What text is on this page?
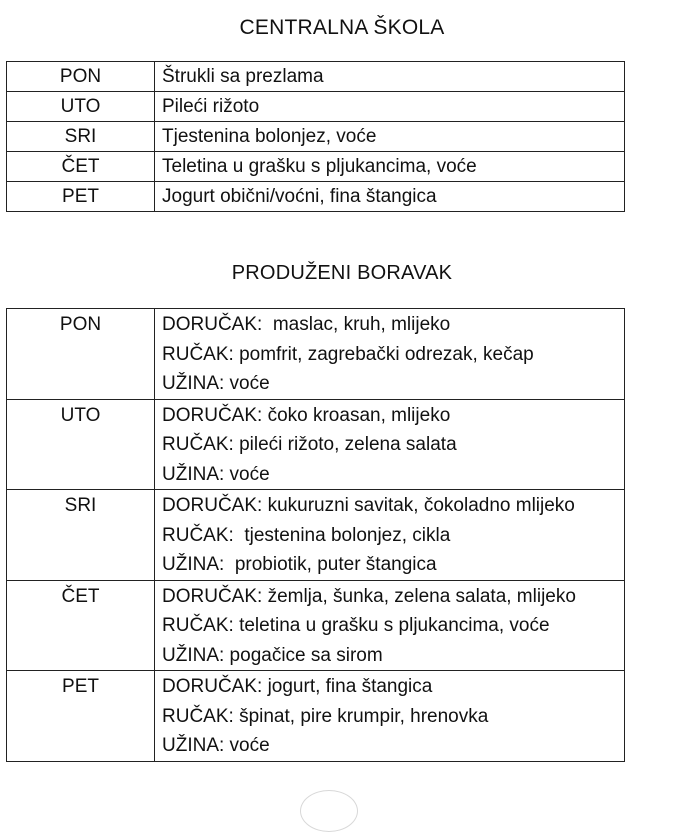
CENTRALNA ŠKOLA
PON	Štrukli sa prezlama
UTO	Pileći rižoto
SRI	Tjestenina bolonjez, voće
ČET	Teletina u grašku s pljukancima, voće
PET	Jogurt obični/voćni, fina štangica
PRODUŽENI BORAVAK
PON	DORUČAK:  maslac, kruh, mlijeko
RUČAK: pomfrit, zagrebački odrezak, kečap
UŽINA: voće

UTO	DORUČAK: čoko kroasan, mlijeko
RUČAK: pileći rižoto, zelena salata
UŽINA: voće

SRI	DORUČAK: kukuruzni savitak, čokoladno mlijeko
RUČAK:  tjestenina bolonjez, cikla
UŽINA:  probiotik, puter štangica

ČET	DORUČAK: žemlja, šunka, zelena salata, mlijeko
RUČAK: teletina u grašku s pljukancima, voće
UŽINA: pogačice sa sirom

PET	DORUČAK: jogurt, fina štangica
RUČAK: špinat, pire krumpir, hrenovka
UŽINA: voće
